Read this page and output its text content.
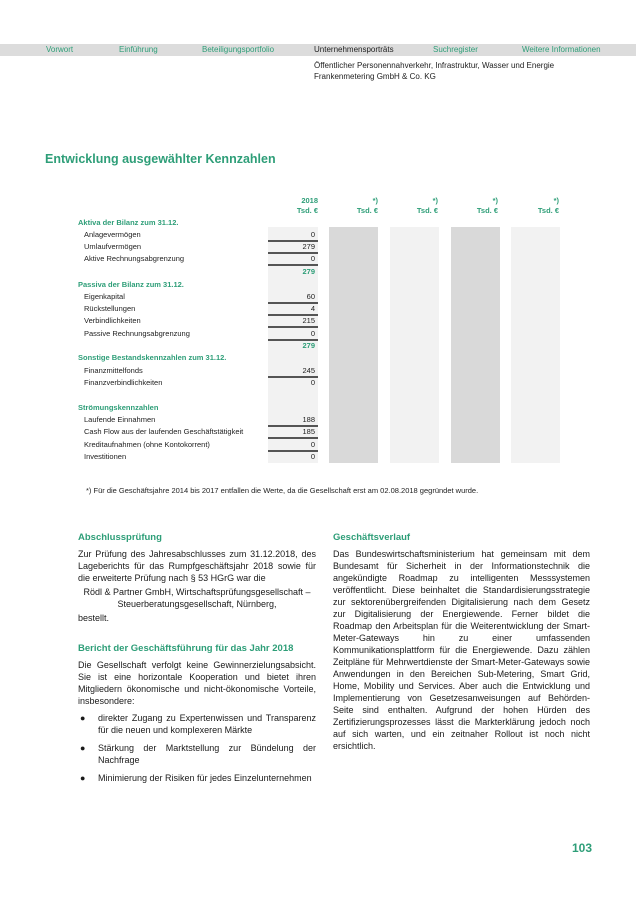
Vorwort	Einführung	Beteiligungsportfolio	Unternehmensporträts	Suchregister	Weitere Informationen
Öffentlicher Personennahverkehr, Infrastruktur, Wasser und Energie
Frankenmetering GmbH & Co. KG
Entwicklung ausgewählter Kennzahlen
2018
Tsd. €
*)
Tsd. €
*)
Tsd. €
*)
Tsd. €
*)
Tsd. €
Aktiva der Bilanz zum 31.12.
Anlagevermögen	0
Umlaufvermögen	279
Aktive Rechnungsabgrenzung	0
279
Passiva der Bilanz zum 31.12.
Eigenkapital	60
Rückstellungen	4
Verbindlichkeiten	215
Passive Rechnungsabgrenzung	0
279
Sonstige Bestandskennzahlen zum 31.12.
Finanzmittelfonds	245
Finanzverbindlichkeiten	0
Strömungskennzahlen
Laufende Einnahmen	188
Cash Flow aus der laufenden Geschäftstätigkeit	185
Kreditaufnahmen (ohne Kontokorrent)	0
Investitionen	0
*) Für die Geschäftsjahre 2014 bis 2017 entfallen die Werte, da die Gesellschaft erst am 02.08.2018 gegründet wurde.
Abschlussprüfung
Zur Prüfung des Jahresabschlusses zum 31.12.2018, des Lageberichts für das Rumpfgeschäftsjahr 2018 sowie für die erweiterte Prüfung nach § 53 HGrG war die
Rödl & Partner GmbH, Wirtschaftsprüfungsgesellschaft – Steuerberatungsgesellschaft, Nürnberg,
bestellt.
Bericht der Geschäftsführung für das Jahr 2018
Die Gesellschaft verfolgt keine Gewinnerzielungsabsicht. Sie ist eine horizontale Kooperation und bietet ihren Mitgliedern ökonomische und nicht-ökonomische Vorteile, insbesondere:
● direkter Zugang zu Expertenwissen und Transparenz für die neuen und komplexeren Märkte
● Stärkung der Marktstellung zur Bündelung der Nachfrage
● Minimierung der Risiken für jedes Einzelunternehmen
Geschäftsverlauf
Das Bundeswirtschaftsministerium hat gemeinsam mit dem Bundesamt für Sicherheit in der Informationstechnik die angekündigte Roadmap zu intelligenten Messsystemen veröffentlicht. Diese beinhaltet die Standardisierungsstrategie zur sektorenübergreifenden Digitalisierung nach dem Gesetz zur Digitalisierung der Energiewende. Ferner bildet die Roadmap den Arbeitsplan für die Weiterentwicklung der Smart-Meter-Gateways hin zu einer umfassenden Kommunikationsplattform für die Energiewende. Dazu zählen Zeitpläne für Mehrwertdienste der Smart-Meter-Gateways sowie Anwendungen in den Bereichen Sub-Metering, Smart Grid, Home, Mobility und Services. Aber auch die Entwicklung und Implementierung von Gesetzesanweisungen auf Behörden-Seite sind enthalten. Aufgrund der hohen Hürden des Zertifizierungsprozesses lässt die Markterklärung jedoch noch auf sich warten, und ein zeitnaher Rollout ist noch nicht ersichtlich.
103
